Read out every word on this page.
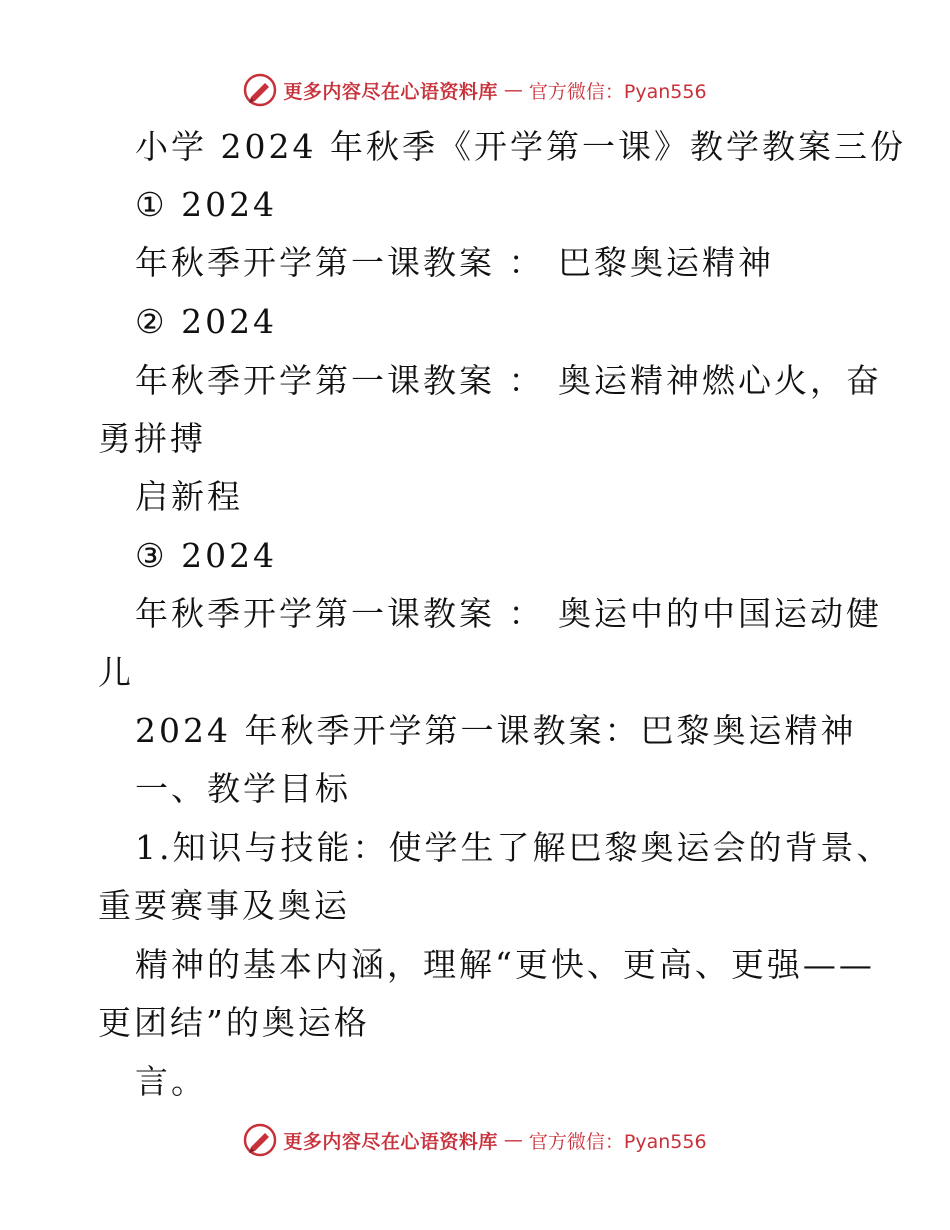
更多内容尽在心语资料库 — 官方微信：Pyan556
小学 2024 年秋季《开学第一课》教学教案三份
① 2024
年秋季开学第一课教案 ： 巴黎奥运精神
② 2024
年秋季开学第一课教案 ： 奥运精神燃心火，奋
勇拼搏
启新程
③ 2024
年秋季开学第一课教案 ： 奥运中的中国运动健
儿
2024 年秋季开学第一课教案：巴黎奥运精神
一、教学目标
1.知识与技能：使学生了解巴黎奥运会的背景、
重要赛事及奥运
精神的基本内涵，理解“更快、更高、更强——
更团结”的奥运格
言。
更多内容尽在心语资料库 — 官方微信：Pyan556
